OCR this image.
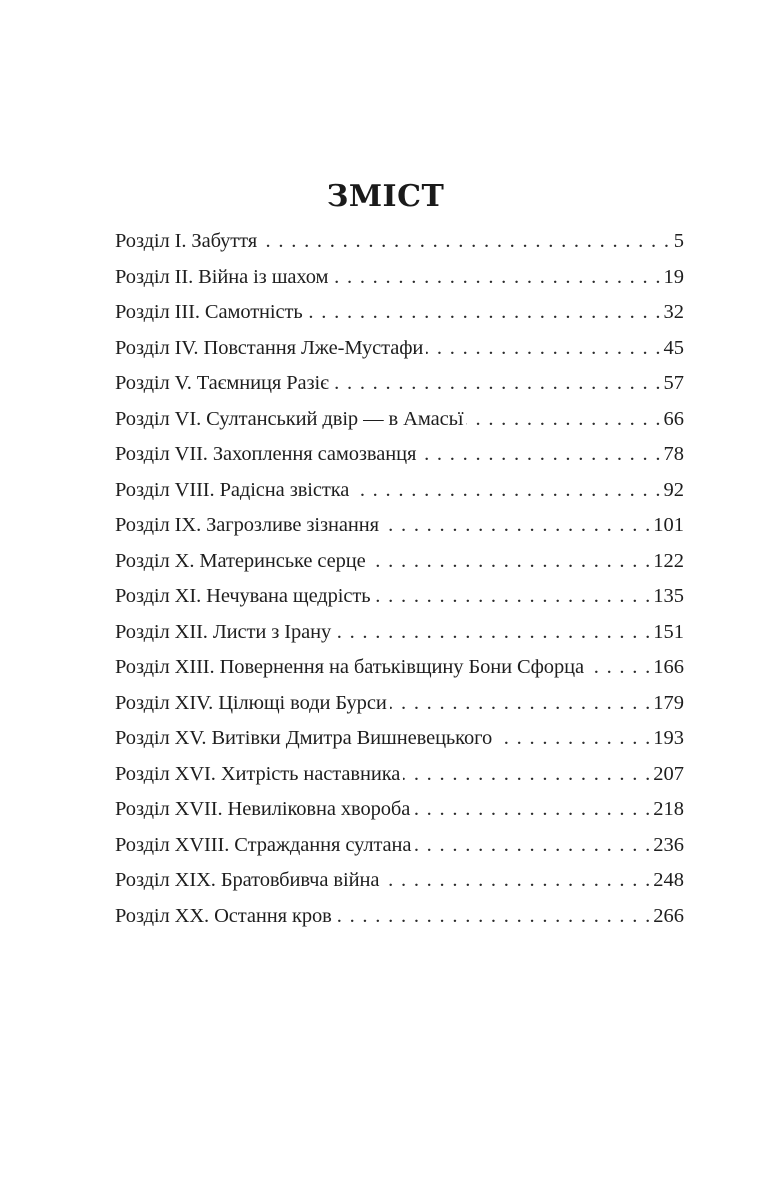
ЗМІСТ
Розділ I. Забуття . . .	5
Розділ II. Війна із шахом . . .	19
Розділ III. Самотність . . .	32
Розділ IV. Повстання Лже-Мустафи . . .	45
Розділ V. Таємниця Разіє . . .	57
Розділ VI. Султанський двір — в Амасьї . . .	66
Розділ VII. Захоплення самозванця . . .	78
Розділ VIII. Радісна звістка . . .	92
Розділ IX. Загрозливе зізнання . . .	101
Розділ X. Материнське серце . . .	122
Розділ XI. Нечувана щедрість . . .	135
Розділ XII. Листи з Ірану . . .	151
Розділ XIII. Повернення на батьківщину Бони Сфорца . . .	166
Розділ XIV. Цілющі води Бурси . . .	179
Розділ XV. Витівки Дмитра Вишневецького . . .	193
Розділ XVI. Хитрість наставника . . .	207
Розділ XVII. Невиліковна хвороба . . .	218
Розділ XVIII. Страждання султана . . .	236
Розділ XIX. Братовбивча війна . . .	248
Розділ XX. Остання кров . . .	266
